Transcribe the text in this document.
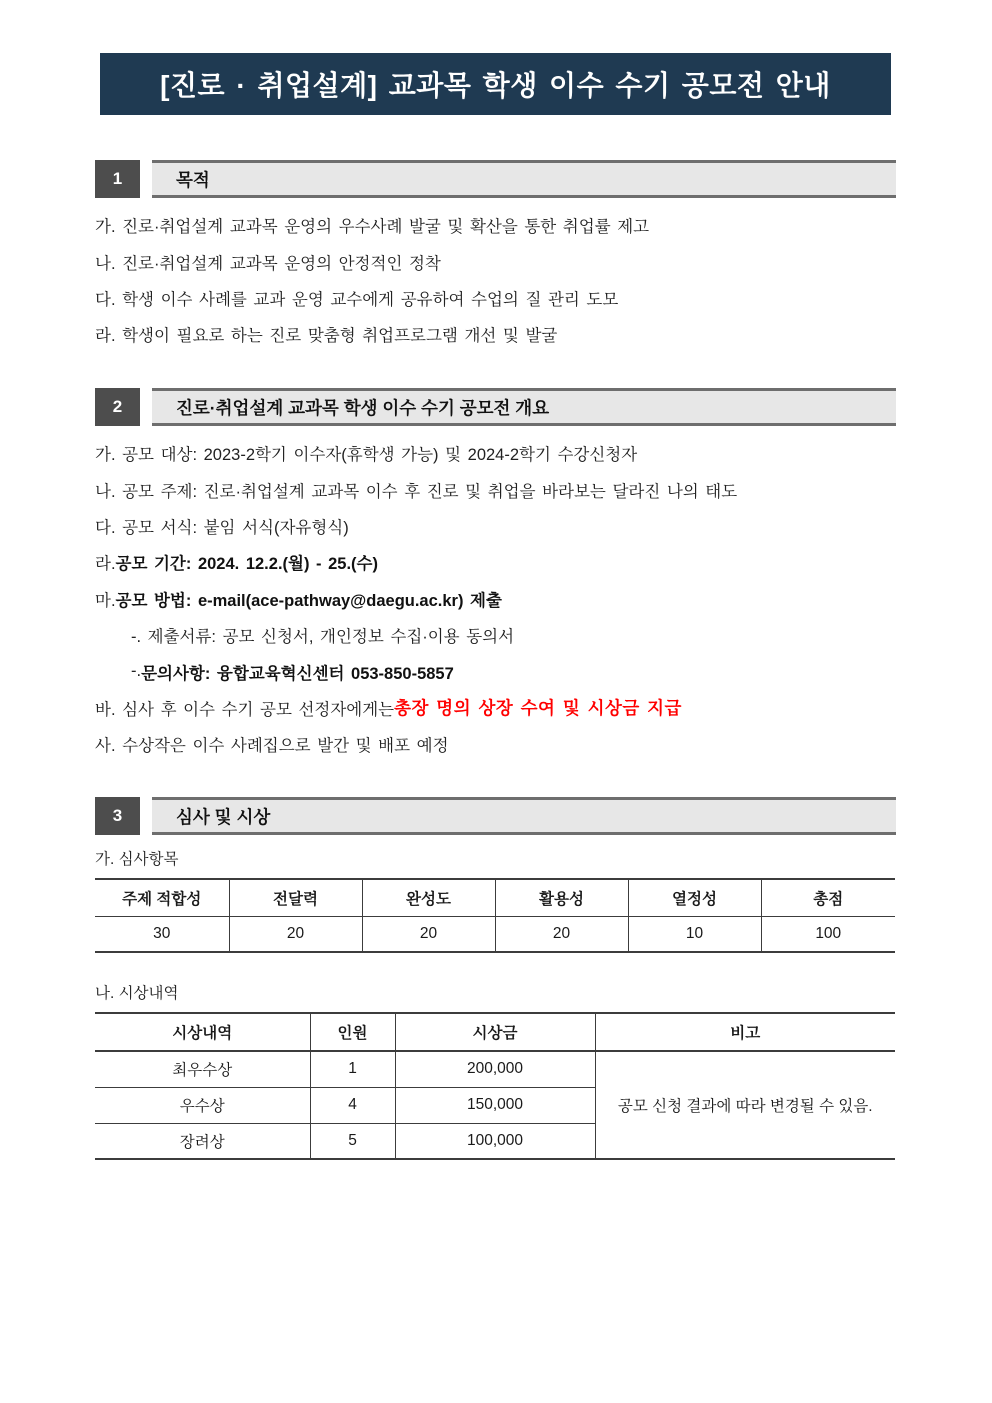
[진로 · 취업설계] 교과목 학생 이수 수기 공모전 안내
1	목적
가. 진로·취업설계 교과목 운영의 우수사례 발굴 및 확산을 통한 취업률 제고
나. 진로·취업설계 교과목 운영의 안정적인 정착
다. 학생 이수 사례를 교과 운영 교수에게 공유하여 수업의 질 관리 도모
라. 학생이 필요로 하는 진로 맞춤형 취업프로그램 개선 및 발굴
2	진로·취업설계 교과목 학생 이수 수기 공모전 개요
가. 공모 대상: 2023-2학기 이수자(휴학생 가능) 및 2024-2학기 수강신청자
나. 공모 주제: 진로·취업설계 교과목 이수 후 진로 및 취업을 바라보는 달라진 나의 태도
다. 공모 서식: 붙임 서식(자유형식)
라. 공모 기간: 2024. 12.2.(월) - 25.(수)
마. 공모 방법: e-mail(ace-pathway@daegu.ac.kr) 제출
-. 제출서류: 공모 신청서, 개인정보 수집·이용 동의서
-. 문의사항: 융합교육혁신센터 053-850-5857
바. 심사 후 이수 수기 공모 선정자에게는 총장 명의 상장 수여 및 시상금 지급
사. 수상작은 이수 사례집으로 발간 및 배포 예정
3	심사 및 시상
가. 심사항목
주제 적합성	전달력	완성도	활용성	열정성	총점
30	20	20	20	10	100
나. 시상내역
시상내역	인원	시상금	비고
최우수상	1	200,000	공모 신청 결과에 따라 변경될 수 있음.
우수상	4	150,000	
장려상	5	100,000	
